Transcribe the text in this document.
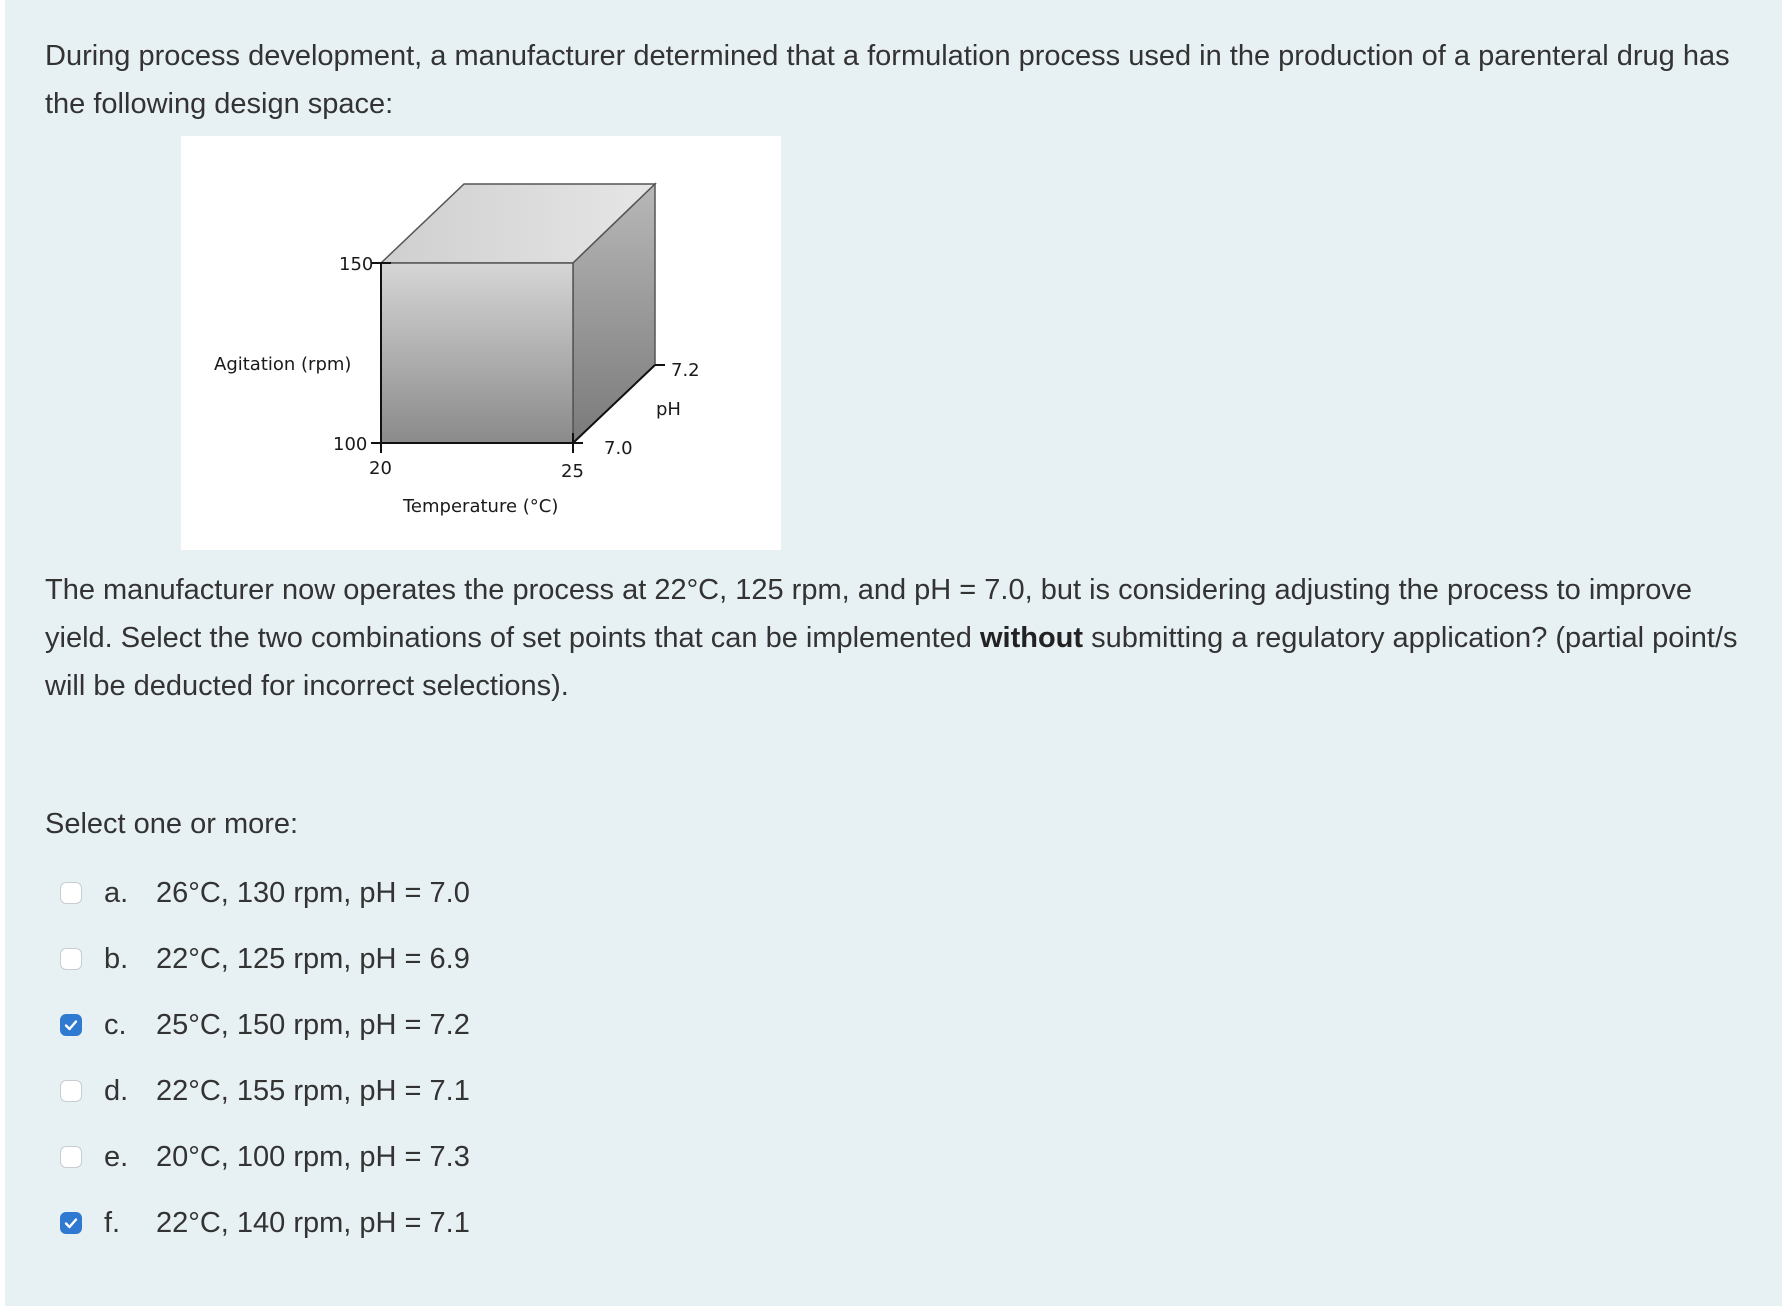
During process development, a manufacturer determined that a formulation process used in the production of a parenteral drug has the following design space:

150
Agitation (rpm)
100
20	25
Temperature (°C)
7.0
7.2
pH

The manufacturer now operates the process at 22°C, 125 rpm, and pH = 7.0, but is considering adjusting the process to improve yield. Select the two combinations of set points that can be implemented without submitting a regulatory application? (partial point/s will be deducted for incorrect selections).

Select one or more:
a. 26°C, 130 rpm, pH = 7.0
b. 22°C, 125 rpm, pH = 6.9
c.	25°C, 150 rpm, pH = 7.2
d. 22°C, 155 rpm, pH = 7.1
e. 20°C, 100 rpm, pH = 7.3
f.	22°C, 140 rpm, pH = 7.1
